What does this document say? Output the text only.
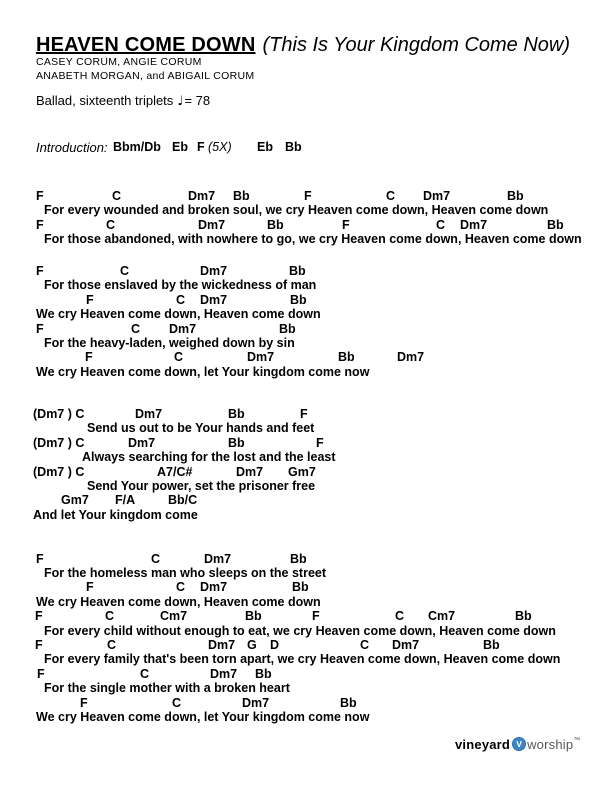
HEAVEN COME DOWN (This Is Your Kingdom Come Now)
CASEY CORUM, ANGIE CORUM
ANABETH MORGAN, and ABIGAIL CORUM
Ballad, sixteenth triplets ♩= 78
Introduction: Bbm/Db Eb F (5X) Eb Bb
F	C	Dm7 Bb	F	C Dm7	Bb
For every wounded and broken soul, we cry Heaven come down, Heaven come down
F	C	Dm7	Bb	F	C Dm7	Bb
For those abandoned, with nowhere to go, we cry Heaven come down, Heaven come down
F	C	Dm7	Bb
For those enslaved by the wickedness of man
F	C Dm7	Bb
We cry Heaven come down, Heaven come down
F	C Dm7	Bb
For the heavy-laden, weighed down by sin
F	C	Dm7	Bb	Dm7
We cry Heaven come down, let Your kingdom come now
(Dm7 ) C	Dm7	Bb	F
Send us out to be Your hands and feet
(Dm7 ) C	Dm7	Bb	F
Always searching for the lost and the least
(Dm7 ) C	A7/C#	Dm7 Gm7
Send Your power, set the prisoner free
Gm7 F/A	Bb/C
And let Your kingdom come
F	C	Dm7	Bb
For the homeless man who sleeps on the street
F	C Dm7	Bb
We cry Heaven come down, Heaven come down
F	C	Cm7	Bb	F	C Cm7	Bb
For every child without enough to eat, we cry Heaven come down, Heaven come down
F	C	Dm7 G D	C Dm7	Bb
For every family that's been torn apart, we cry Heaven come down, Heaven come down
F	C	Dm7 Bb
For the single mother with a broken heart
F	C	Dm7	Bb
We cry Heaven come down, let Your kingdom come now
vineyard V worship ™
